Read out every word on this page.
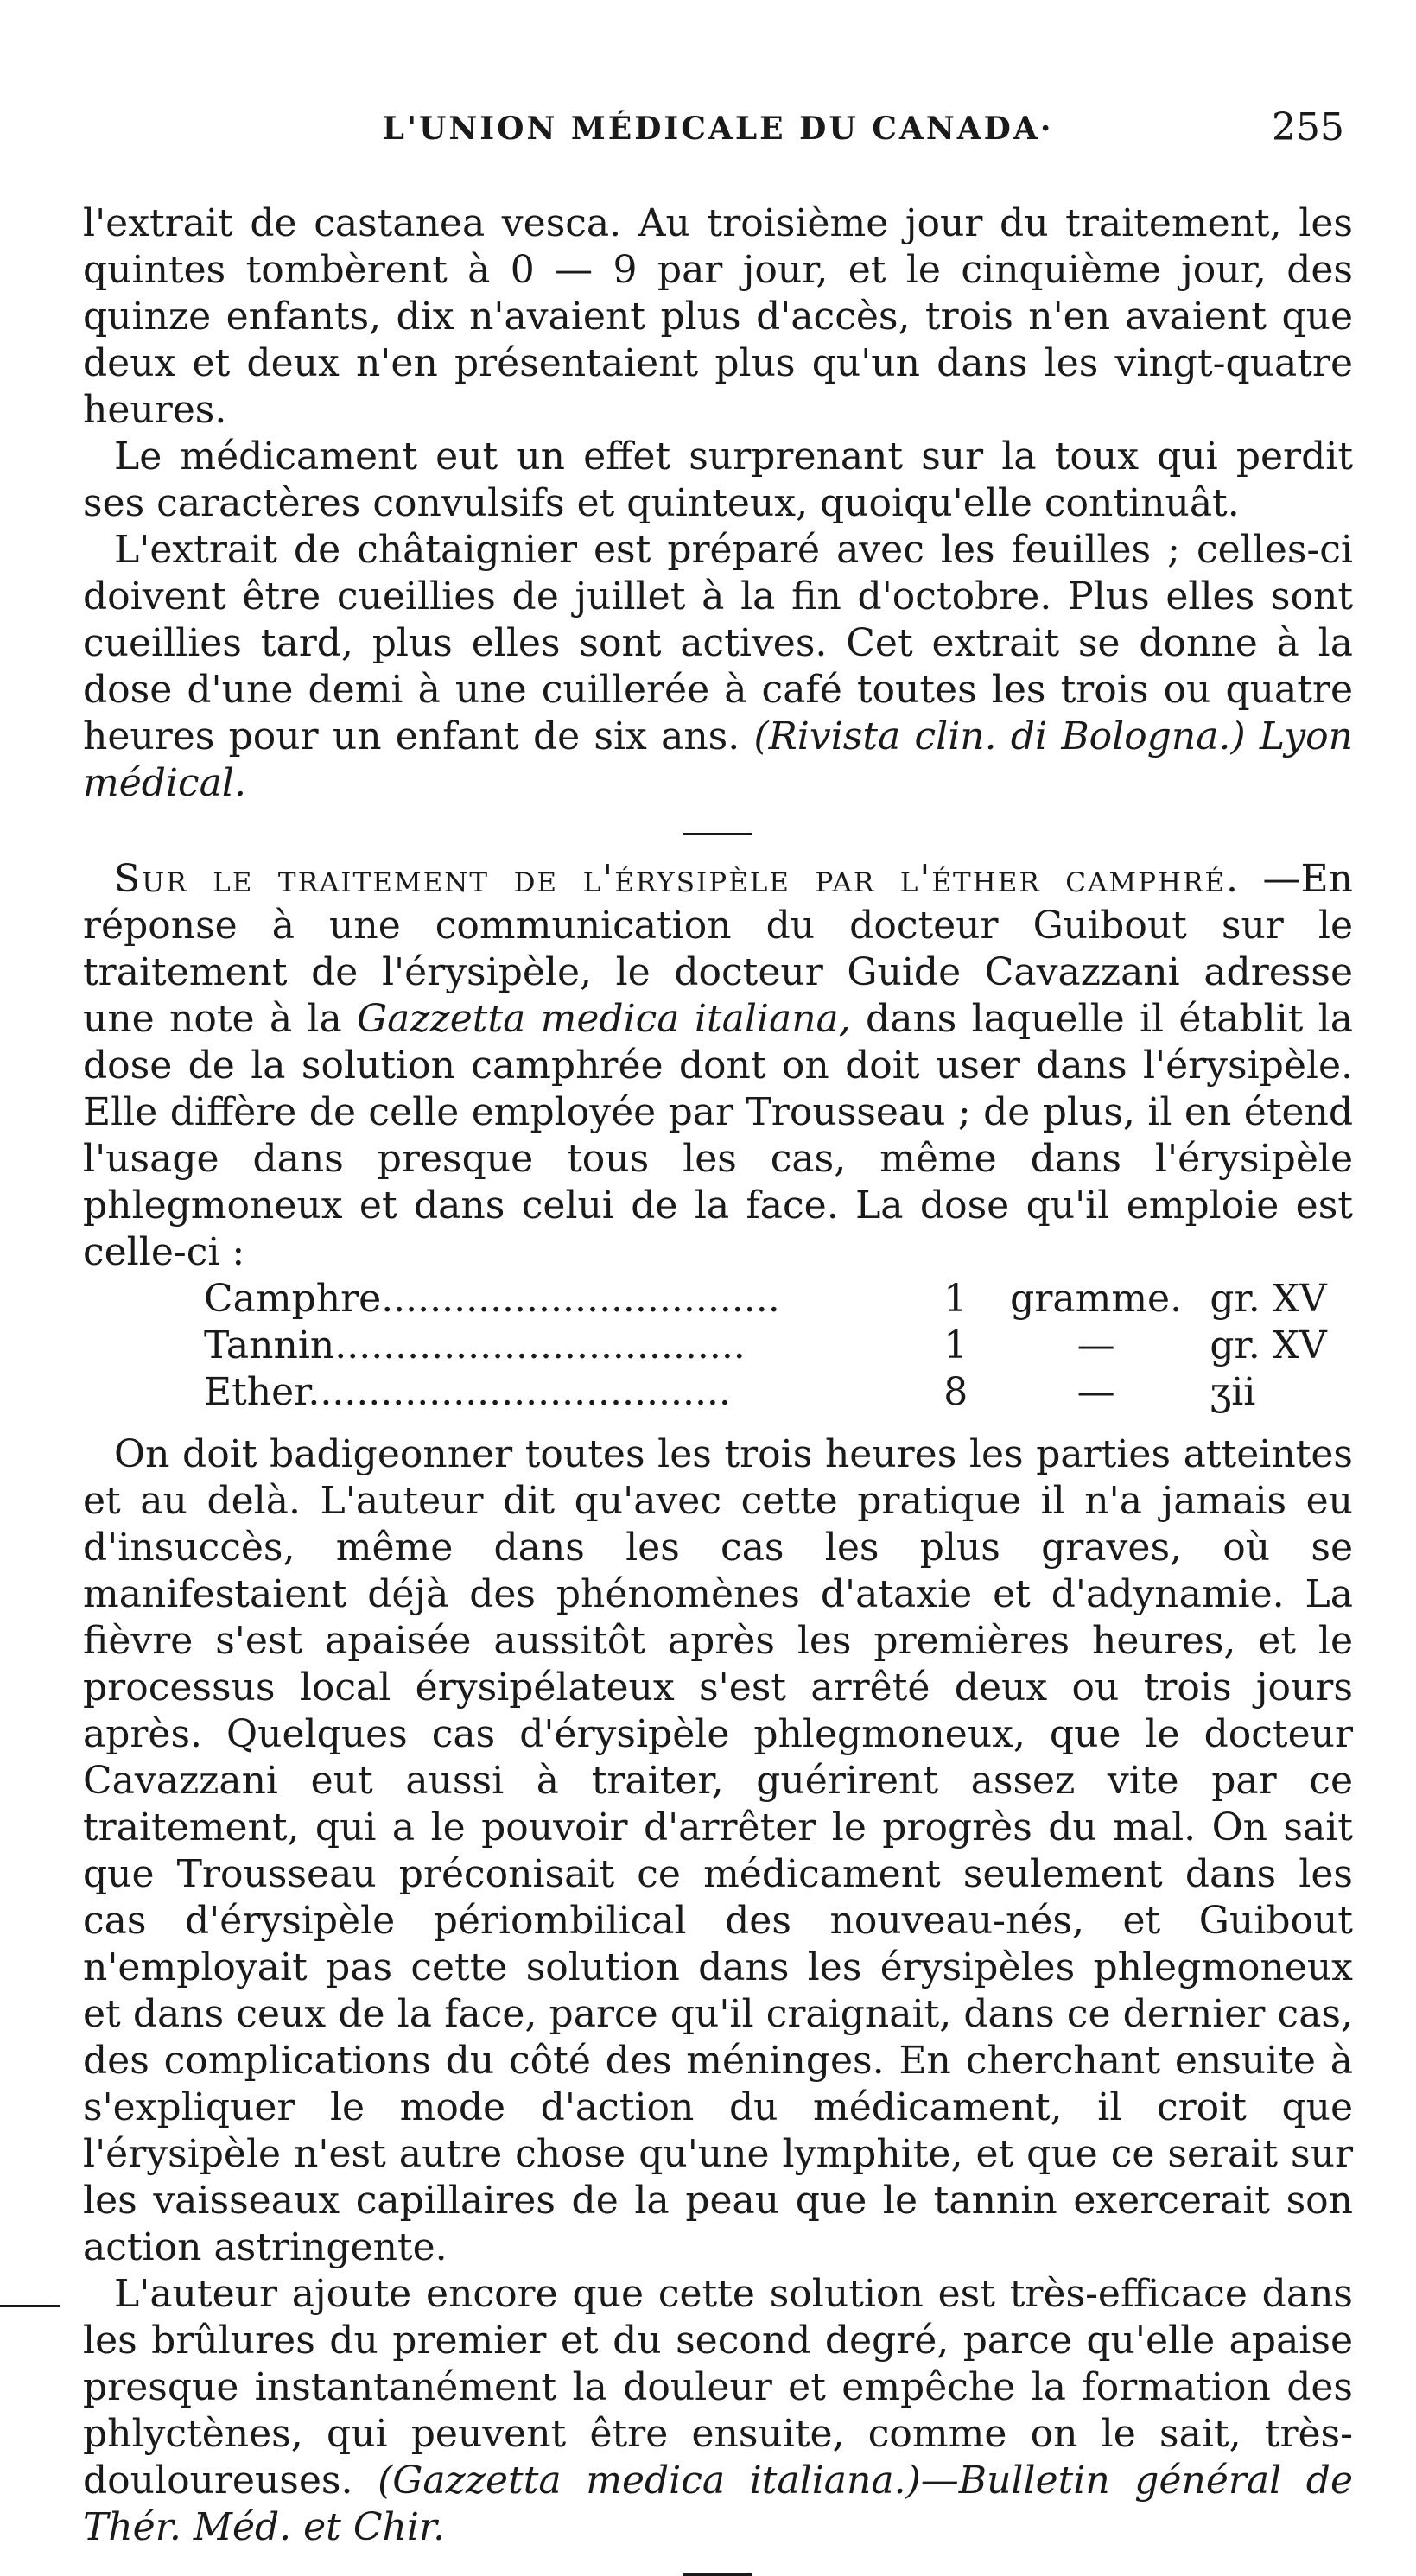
L'UNION MÉDICALE DU CANADA·	255

l'extrait de castanea vesca. Au troisième jour du traitement, les quintes tombèrent à 0 — 9 par jour, et le cinquième jour, des quinze enfants, dix n'avaient plus d'accès, trois n'en avaient que deux et deux n'en présentaient plus qu'un dans les vingt-quatre heures.

Le médicament eut un effet surprenant sur la toux qui perdit ses caractères convulsifs et quinteux, quoiqu'elle continuât.

L'extrait de châtaignier est préparé avec les feuilles ; celles-ci doivent être cueillies de juillet à la fin d'octobre. Plus elles sont cueillies tard, plus elles sont actives. Cet extrait se donne à la dose d'une demi à une cuillerée à café toutes les trois ou quatre heures pour un enfant de six ans. (Rivista clin. di Bologna.) Lyon médical.

Sur le traitement de l'érysipèle par l'éther camphré. —En réponse à une communication du docteur Guibout sur le traitement de l'érysipèle, le docteur Guide Cavazzani adresse une note à la Gazzetta medica italiana, dans laquelle il établit la dose de la solution camphrée dont on doit user dans l'érysipèle. Elle diffère de celle employée par Trousseau ; de plus, il en étend l'usage dans presque tous les cas, même dans l'érysipèle phlegmoneux et dans celui de la face. La dose qu'il emploie est celle-ci :

Camphre.................................	1	gramme.	gr. XV
Tannin..................................	1	—	gr. XV
Ether...................................	8	—	ʒii

On doit badigeonner toutes les trois heures les parties atteintes et au delà. L'auteur dit qu'avec cette pratique il n'a jamais eu d'insuccès, même dans les cas les plus graves, où se manifestaient déjà des phénomènes d'ataxie et d'adynamie. La fièvre s'est apaisée aussitôt après les premières heures, et le processus local érysipélateux s'est arrêté deux ou trois jours après. Quelques cas d'érysipèle phlegmoneux, que le docteur Cavazzani eut aussi à traiter, guérirent assez vite par ce traitement, qui a le pouvoir d'arrêter le progrès du mal. On sait que Trousseau préconisait ce médicament seulement dans les cas d'érysipèle périombilical des nouveau-nés, et Guibout n'employait pas cette solution dans les érysipèles phlegmoneux et dans ceux de la face, parce qu'il craignait, dans ce dernier cas, des complications du côté des méninges. En cherchant ensuite à s'expliquer le mode d'action du médicament, il croit que l'érysipèle n'est autre chose qu'une lymphite, et que ce serait sur les vaisseaux capillaires de la peau que le tannin exercerait son action astringente.

L'auteur ajoute encore que cette solution est très-efficace dans les brûlures du premier et du second degré, parce qu'elle apaise presque instantanément la douleur et empêche la formation des phlyctènes, qui peuvent être ensuite, comme on le sait, très-douloureuses. (Gazzetta medica italiana.)—Bulletin général de Thér. Méd. et Chir.
